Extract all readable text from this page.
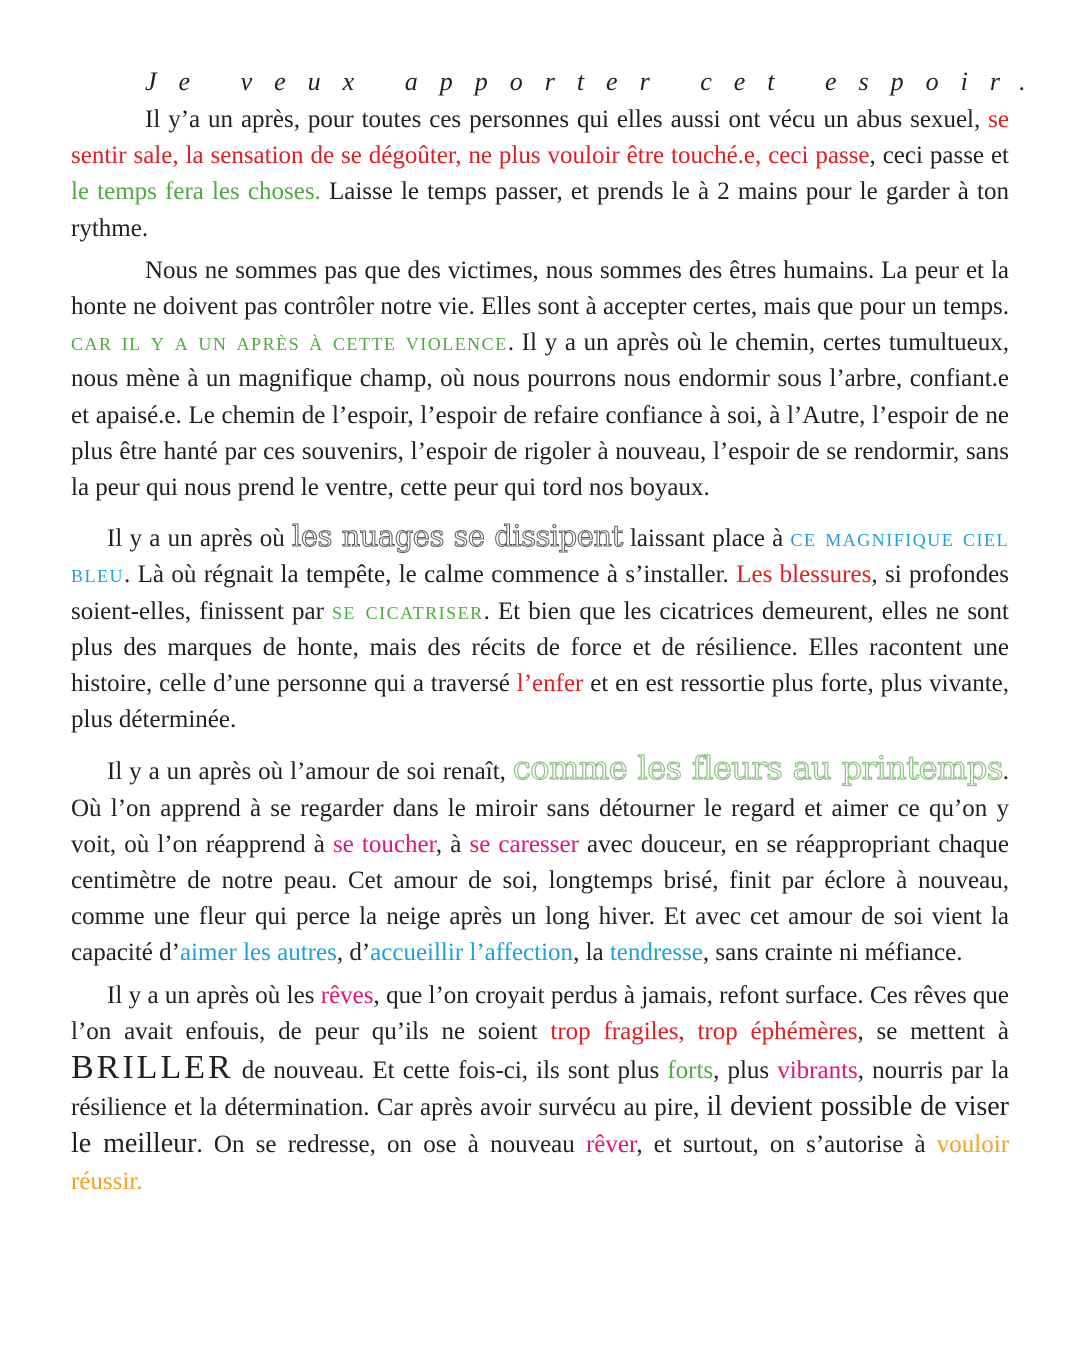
Je veux apporter cet espoir.

Il y’a un après, pour toutes ces personnes qui elles aussi ont vécu un abus sexuel, se sentir sale, la sensation de se dégoûter, ne plus vouloir être touché.e, ceci passe, ceci passe et le temps fera les choses. Laisse le temps passer, et prends le à 2 mains pour le garder à ton rythme.

Nous ne sommes pas que des victimes, nous sommes des êtres humains. La peur et la honte ne doivent pas contrôler notre vie. Elles sont à accepter certes, mais que pour un temps. car il y a un après à cette violence. Il y a un après où le chemin, certes tumultueux, nous mène à un magnifique champ, où nous pourrons nous endormir sous l’arbre, confiant.e et apaisé.e. Le chemin de l’espoir, l’espoir de refaire confiance à soi, à l’Autre, l’espoir de ne plus être hanté par ces souvenirs, l’espoir de rigoler à nouveau, l’espoir de se rendormir, sans la peur qui nous prend le ventre, cette peur qui tord nos boyaux.

Il y a un après où les nuages se dissipent laissant place à ce magnifique ciel bleu. Là où régnait la tempête, le calme commence à s’installer. Les blessures, si profondes soient-elles, finissent par se cicatriser. Et bien que les cicatrices demeurent, elles ne sont plus des marques de honte, mais des récits de force et de résilience. Elles racontent une histoire, celle d’une personne qui a traversé l’enfer et en est ressortie plus forte, plus vivante, plus déterminée.

Il y a un après où l’amour de soi renaît, comme les fleurs au printemps. Où l’on apprend à se regarder dans le miroir sans détourner le regard et aimer ce qu’on y voit, où l’on réapprend à se toucher, à se caresser avec douceur, en se réappropriant chaque centimètre de notre peau. Cet amour de soi, longtemps brisé, finit par éclore à nouveau, comme une fleur qui perce la neige après un long hiver. Et avec cet amour de soi vient la capacité d’aimer les autres, d’accueillir l’affection, la tendresse, sans crainte ni méfiance.

Il y a un après où les rêves, que l’on croyait perdus à jamais, refont surface. Ces rêves que l’on avait enfouis, de peur qu’ils ne soient trop fragiles, trop éphémères, se mettent à BRILLER de nouveau. Et cette fois-ci, ils sont plus forts, plus vibrants, nourris par la résilience et la détermination. Car après avoir survécu au pire, il devient possible de viser le meilleur. On se redresse, on ose à nouveau rêver, et surtout, on s’autorise à vouloir réussir.
